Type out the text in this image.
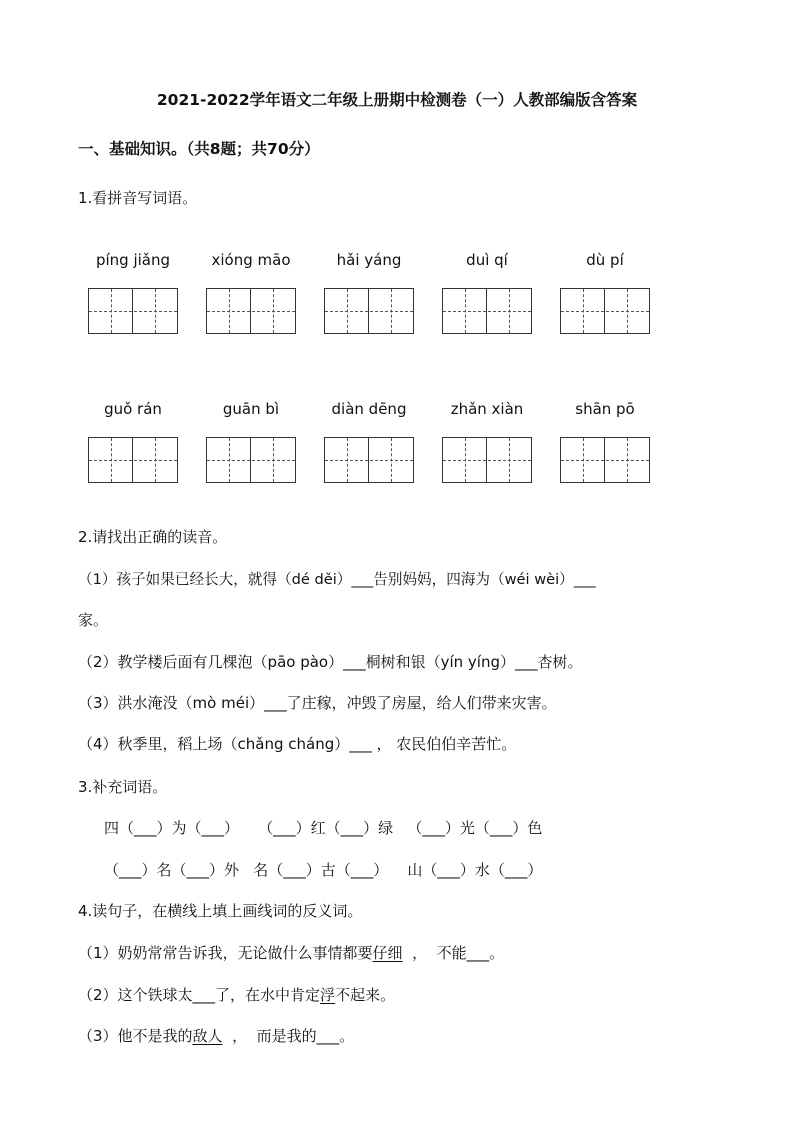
2021-2022学年语文二年级上册期中检测卷（一）人教部编版含答案
一、基础知识。（共8题；共70分）
1.看拼音写词语。
píng jiǎng	xióng māo	hǎi yáng	duì qí	dù pí
guǒ rán	guān bì	diàn dēng	zhǎn xiàn	shān pō
2.请找出正确的读音。
（1）孩子如果已经长大，就得（dé děi）___告别妈妈，四海为（wéi wèi）___
家。
（2）教学楼后面有几棵泡（pāo pào）___桐树和银（yín yíng）___杏树。
（3）洪水淹没（mò méi）___了庄稼，冲毁了房屋，给人们带来灾害。
（4）秋季里，稻上场（chǎng cháng）___ ， 农民伯伯辛苦忙。
3.补充词语。
四（___）为（___）    （___）红（___）绿   （___）光（___）色
（___）名（___）外   名（___）古（___）    山（___）水（___）
4.读句子，在横线上填上画线词的反义词。
（1）奶奶常常告诉我，无论做什么事情都要仔细  ，  不能___。
（2）这个铁球太___了，在水中肯定浮不起来。
（3）他不是我的敌人  ，  而是我的___。
